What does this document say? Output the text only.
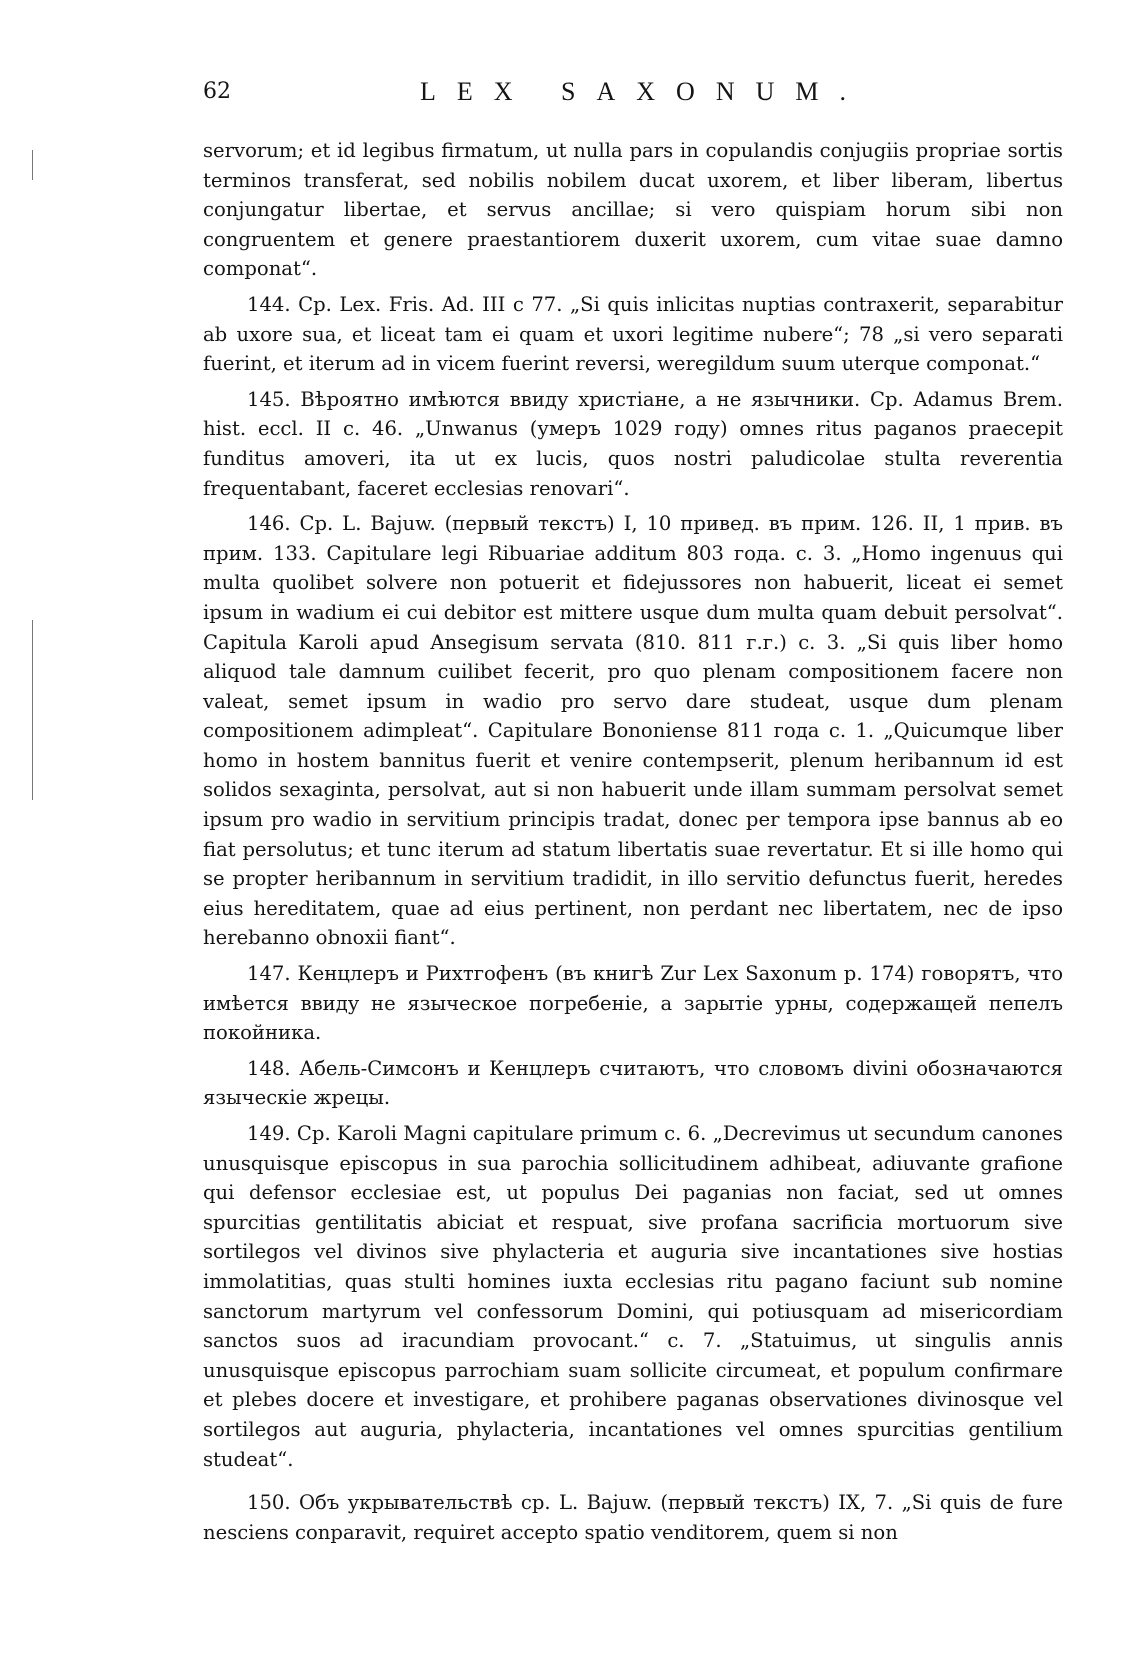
62	LEX SAXONUM.

servorum; et id legibus firmatum, ut nulla pars in copulandis conjugiis propriae sortis terminos transferat, sed nobilis nobilem ducat uxorem, et liber liberam, libertus conjungatur libertae, et servus ancillae; si vero quispiam horum sibi non congruentem et genere praestantiorem duxerit uxorem, cum vitae suae damno componat“.

144. Cp. Lex. Fris. Ad. III c 77. „Si quis inlicitas nuptias contraxerit, separabitur ab uxore sua, et liceat tam ei quam et uxori legitime nubere“; 78 „si vero separati fuerint, et iterum ad in vicem fuerint reversi, weregildum suum uterque componat.“

145. Вѣроятно имѣются ввиду христіане, а не язычники. Cp. Adamus Brem. hist. eccl. II c. 46. „Unwanus (умеръ 1029 году) omnes ritus paganos praecepit funditus amoveri, ita ut ex lucis, quos nostri paludicolae stulta reverentia frequentabant, faceret ecclesias renovari“.

146. Cp. L. Bajuw. (первый текстъ) I, 10 привед. въ прим. 126. II, 1 прив. въ прим. 133. Capitulare legi Ribuariae additum 803 года. c. 3. „Homo ingenuus qui multa quolibet solvere non potuerit et fidejussores non habuerit, liceat ei semet ipsum in wadium ei cui debitor est mittere usque dum multa quam debuit persolvat“. Capitula Karoli apud Ansegisum servata (810. 811 г.г.) c. 3. „Si quis liber homo aliquod tale damnum cuilibet fecerit, pro quo plenam compositionem facere non valeat, semet ipsum in wadio pro servo dare studeat, usque dum plenam compositionem adimpleat“. Capitulare Bononiense 811 года c. 1. „Quicumque liber homo in hostem bannitus fuerit et venire contempserit, plenum heribannum id est solidos sexaginta, persolvat, aut si non habuerit unde illam summam persolvat semet ipsum pro wadio in servitium principis tradat, donec per tempora ipse bannus ab eo fiat persolutus; et tunc iterum ad statum libertatis suae revertatur. Et si ille homo qui se propter heribannum in servitium tradidit, in illo servitio defunctus fuerit, heredes eius hereditatem, quae ad eius pertinent, non perdant nec libertatem, nec de ipso herebanno obnoxii fiant“.

147. Кенцлеръ и Рихтгофенъ (въ книгѣ Zur Lex Saxonum p. 174) говорятъ, что имѣется ввиду не языческое погребеніе, а зарытіе урны, содержащей пепелъ покойника.

148. Абель-Симсонъ и Кенцлеръ считаютъ, что словомъ divini обозначаются языческіе жрецы.

149. Cp. Karoli Magni capitulare primum c. 6. „Decrevimus ut secundum canones unusquisque episcopus in sua parochia sollicitudinem adhibeat, adiuvante grafione qui defensor ecclesiae est, ut populus Dei paganias non faciat, sed ut omnes spurcitias gentilitatis abiciat et respuat, sive profana sacrificia mortuorum sive sortilegos vel divinos sive phylacteria et auguria sive incantationes sive hostias immolatitias, quas stulti homines iuxta ecclesias ritu pagano faciunt sub nomine sanctorum martyrum vel confessorum Domini, qui potiusquam ad misericordiam sanctos suos ad iracundiam provocant.“ c. 7. „Statuimus, ut singulis annis unusquisque episcopus parrochiam suam sollicite circumeat, et populum confirmare et plebes docere et investigare, et prohibere paganas observationes divinosque vel sortilegos aut auguria, phylacteria, incantationes vel omnes spurcitias gentilium studeat“.

150. Объ укрывательствѣ cp. L. Bajuw. (первый текстъ) IX, 7. „Si quis de fure nesciens conparavit, requiret accepto spatio venditorem, quem si non
